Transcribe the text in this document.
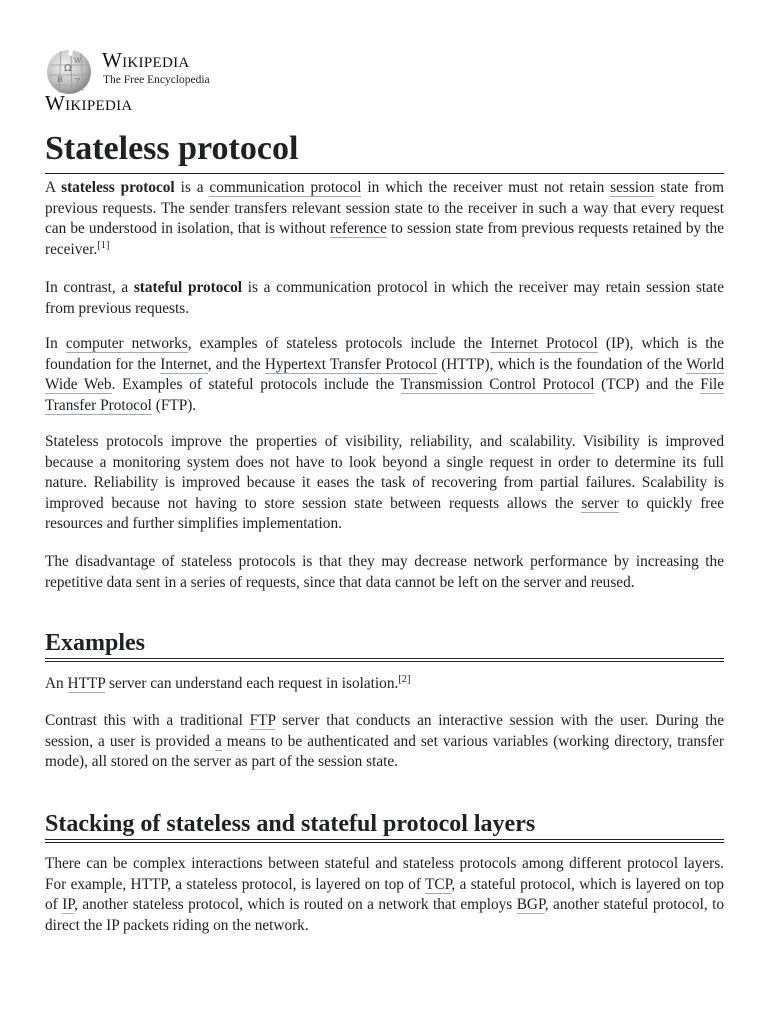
Ω
W
И ア
Wikipedia
The Free Encyclopedia
Wikipedia
Stateless protocol

A stateless protocol is a communication protocol in which the receiver must not retain session state from previous requests. The sender transfers relevant session state to the receiver in such a way that every request can be understood in isolation, that is without reference to session state from previous requests retained by the receiver.[1]

In contrast, a stateful protocol is a communication protocol in which the receiver may retain session state from previous requests.

In computer networks, examples of stateless protocols include the Internet Protocol (IP), which is the foundation for the Internet, and the Hypertext Transfer Protocol (HTTP), which is the foundation of the World Wide Web. Examples of stateful protocols include the Transmission Control Protocol (TCP) and the File Transfer Protocol (FTP).

Stateless protocols improve the properties of visibility, reliability, and scalability. Visibility is improved because a monitoring system does not have to look beyond a single request in order to determine its full nature. Reliability is improved because it eases the task of recovering from partial failures. Scalability is improved because not having to store session state between requests allows the server to quickly free resources and further simplifies implementation.

The disadvantage of stateless protocols is that they may decrease network performance by increasing the repetitive data sent in a series of requests, since that data cannot be left on the server and reused.

Examples

An HTTP server can understand each request in isolation.[2]

Contrast this with a traditional FTP server that conducts an interactive session with the user. During the session, a user is provided a means to be authenticated and set various variables (working directory, transfer mode), all stored on the server as part of the session state.

Stacking of stateless and stateful protocol layers

There can be complex interactions between stateful and stateless protocols among different protocol layers. For example, HTTP, a stateless protocol, is layered on top of TCP, a stateful protocol, which is layered on top of IP, another stateless protocol, which is routed on a network that employs BGP, another stateful protocol, to direct the IP packets riding on the network.
